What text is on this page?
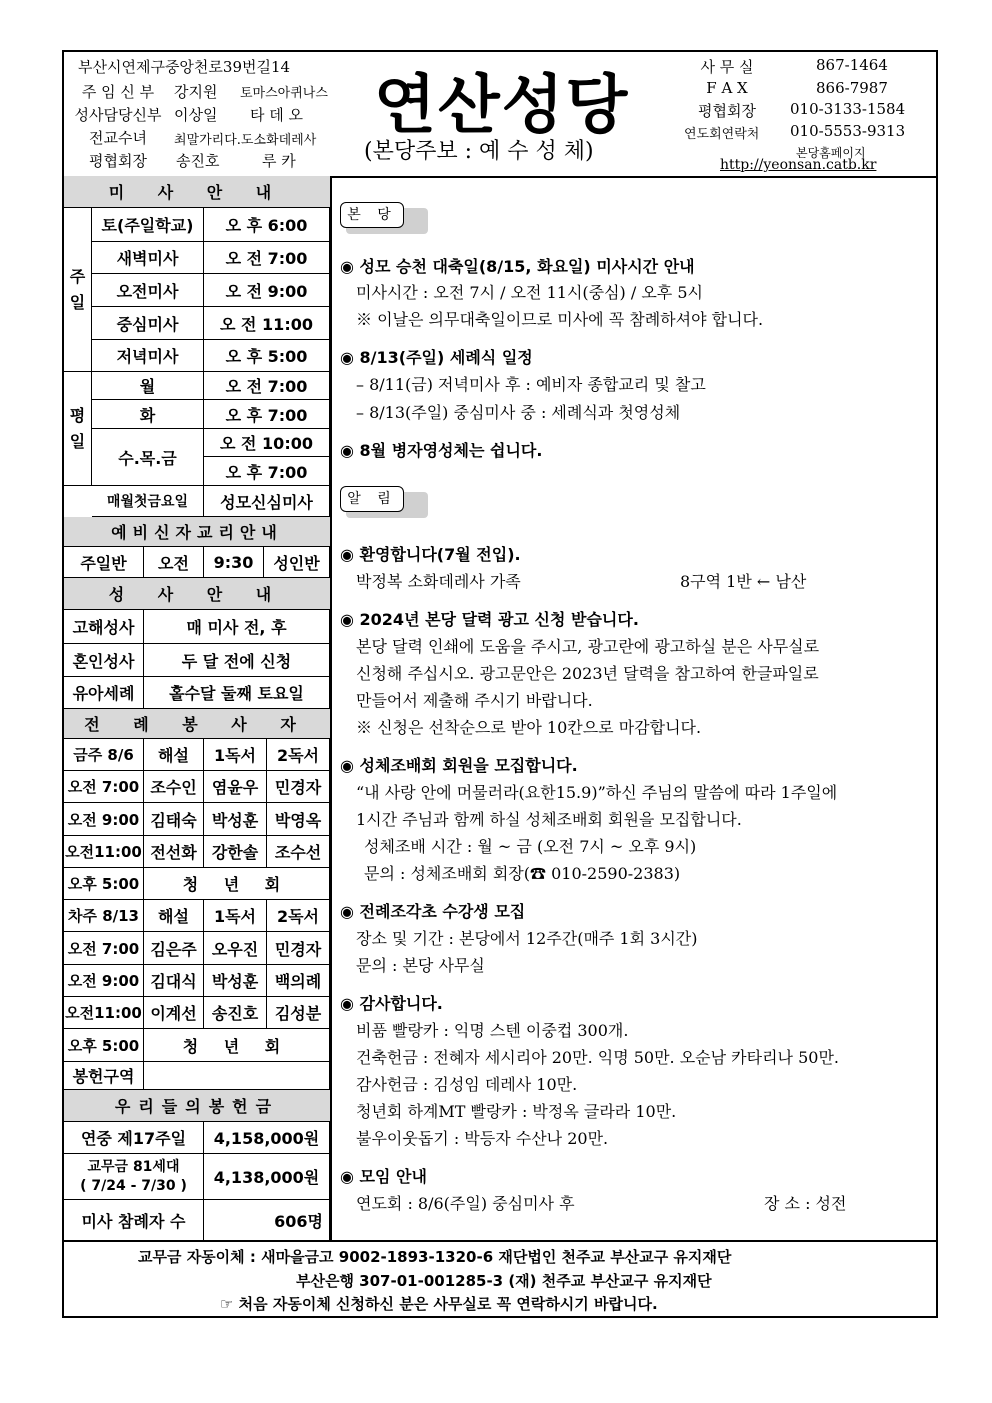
부산시연제구중앙천로39번길14
주 임 신 부	강지원 토마스아퀴나스
성사담당신부 이상일 타 데 오
전교수녀	최말가리다.도소화데레사
평협회장	송진호	루 카
연산성당
(본당주보 : 예 수 성 체)
사 무 실	867-1464
F A X	866-7987
평협회장	010-3133-1584
연도회연락처 010-5553-9313
본당홈페이지
http://yeonsan.catb.kr
미 사 안 내
주
일
토(주일학교)	오 후 6:00
새벽미사	오 전 7:00
오전미사	오 전 9:00
중심미사	오 전 11:00
저녁미사	오 후 5:00
평
일
월	오 전 7:00
화	오 후 7:00
수.목.금
오 전 10:00
오 후 7:00
매월첫금요일	성모신심미사
예비신자교리안내
주일반	오전	9:30	성인반
성 사 안 내
고해성사	매 미사 전, 후
혼인성사	두 달 전에 신청
유아세례	홀수달 둘째 토요일
전 례 봉 사 자
금주 8/6	해설	1독서	2독서
오전 7:00 조수인 염윤우	민경자
오전 9:00 김태숙 박성훈	박영옥
오전11:00 전선화 강한솔	조수선
오후 5:00	청 년 회
차주 8/13	해설	1독서	2독서
오전 7:00 김은주 오우진	민경자
오전 9:00 김대식 박성훈	백의례
오전11:00 이계선 송진호	김성분
오후 5:00	청 년 회
봉헌구역
우리들의봉헌금
연중 제17주일	4,158,000원
교무금 81세대
( 7/24 - 7/30 )	4,138,000원
미사 참례자 수	606명
본 당
◉ 성모 승천 대축일(8/15, 화요일) 미사시간 안내
미사시간 : 오전 7시 / 오전 11시(중심) / 오후 5시
※ 이날은 의무대축일이므로 미사에 꼭 참례하셔야 합니다.
◉ 8/13(주일) 세례식 일정
– 8/11(금) 저녁미사 후 : 예비자 종합교리 및 찰고
– 8/13(주일) 중심미사 중 : 세례식과 첫영성체
◉ 8월 병자영성체는 쉽니다.
알 림
◉ 환영합니다(7월 전입).
박정복 소화데레사 가족	8구역 1반 ← 남산
◉ 2024년 본당 달력 광고 신청 받습니다.
본당 달력 인쇄에 도움을 주시고, 광고란에 광고하실 분은 사무실로
신청해 주십시오. 광고문안은 2023년 달력을 참고하여 한글파일로
만들어서 제출해 주시기 바랍니다.
※ 신청은 선착순으로 받아 10칸으로 마감합니다.
◉ 성체조배회 회원을 모집합니다.
“내 사랑 안에 머물러라(요한15.9)”하신 주님의 말씀에 따라 1주일에
1시간 주님과 함께 하실 성체조배회 회원을 모집합니다.
성체조배 시간 : 월 ~ 금 (오전 7시 ~ 오후 9시)
문의 : 성체조배회 회장(☎ 010-2590-2383)
◉ 전례조각초 수강생 모집
장소 및 기간 : 본당에서 12주간(매주 1회 3시간)
문의 : 본당 사무실
◉ 감사합니다.
비품 빨랑카 : 익명 스텐 이중컵 300개.
건축헌금 : 전혜자 세시리아 20만. 익명 50만. 오순남 카타리나 50만.
감사헌금 : 김성임 데레사 10만.
청년회 하계MT 빨랑카 : 박정옥 글라라 10만.
불우이웃돕기 : 박등자 수산나 20만.
◉ 모임 안내
연도회 : 8/6(주일) 중심미사 후	장 소 : 성전
교무금 자동이체 : 새마을금고 9002-1893-1320-6 재단법인 천주교 부산교구 유지재단
부산은행 307-01-001285-3 (재) 천주교 부산교구 유지재단
☞ 처음 자동이체 신청하신 분은 사무실로 꼭 연락하시기 바랍니다.
